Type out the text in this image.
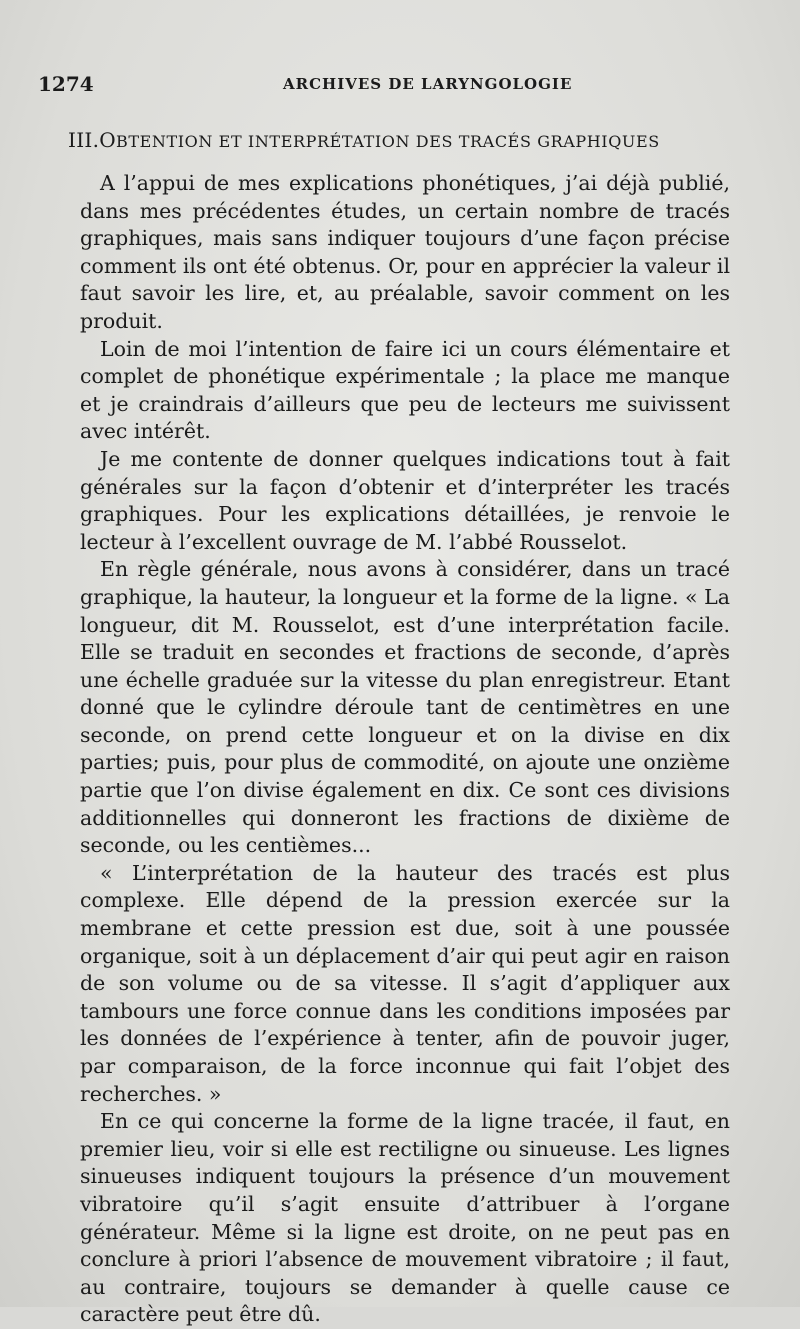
1274	ARCHIVES DE LARYNGOLOGIE
III.OBTENTION ET INTERPRÉTATION DES TRACÉS GRAPHIQUES

A l’appui de mes explications phonétiques, j’ai déjà publié, dans mes précédentes études, un certain nombre de tracés graphiques, mais sans indiquer toujours d’une façon précise comment ils ont été obtenus. Or, pour en apprécier la valeur il faut savoir les lire, et, au préalable, savoir comment on les produit.

Loin de moi l’intention de faire ici un cours élémentaire et complet de phonétique expérimentale ; la place me manque et je craindrais d’ailleurs que peu de lecteurs me suivissent avec intérêt.

Je me contente de donner quelques indications tout à fait générales sur la façon d’obtenir et d’interpréter les tracés graphiques. Pour les explications détaillées, je renvoie le lecteur à l’excellent ouvrage de M. l’abbé Rousselot.

En règle générale, nous avons à considérer, dans un tracé graphique, la hauteur, la longueur et la forme de la ligne. « La longueur, dit M. Rousselot, est d’une interprétation facile. Elle se traduit en secondes et fractions de seconde, d’après une échelle graduée sur la vitesse du plan enregistreur. Etant donné que le cylindre déroule tant de centimètres en une seconde, on prend cette longueur et on la divise en dix parties; puis, pour plus de commodité, on ajoute une onzième partie que l’on divise également en dix. Ce sont ces divisions additionnelles qui donneront les fractions de dixième de seconde, ou les centièmes...

« L’interprétation de la hauteur des tracés est plus complexe. Elle dépend de la pression exercée sur la membrane et cette pression est due, soit à une poussée organique, soit à un déplacement d’air qui peut agir en raison de son volume ou de sa vitesse. Il s’agit d’appliquer aux tambours une force connue dans les conditions imposées par les données de l’expérience à tenter, afin de pouvoir juger, par comparaison, de la force inconnue qui fait l’objet des recherches. »

En ce qui concerne la forme de la ligne tracée, il faut, en premier lieu, voir si elle est rectiligne ou sinueuse. Les lignes sinueuses indiquent toujours la présence d’un mouvement vibratoire qu’il s’agit ensuite d’attribuer à l’organe générateur. Même si la ligne est droite, on ne peut pas en conclure à priori l’absence de mouvement vibratoire ; il faut, au contraire, toujours se demander à quelle cause ce caractère peut être dû.
